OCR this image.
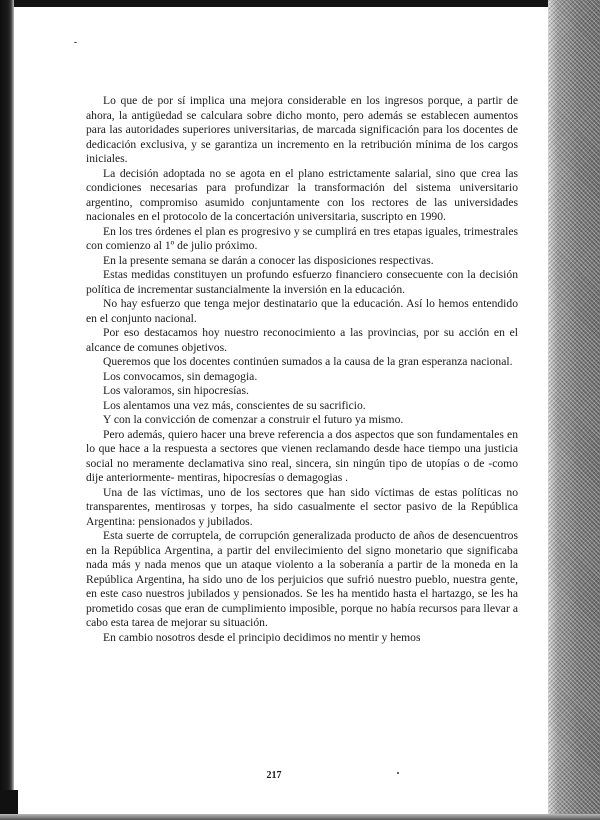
Lo que de por sí implica una mejora considerable en los ingresos porque, a partir de ahora, la antigüedad se calculara sobre dicho monto, pero además se establecen aumentos para las autoridades superiores universitarias, de marcada significación para los docentes de dedicación exclusiva, y se garantiza un incremento en la retribución mínima de los cargos iniciales.

La decisión adoptada no se agota en el plano estrictamente salarial, sino que crea las condiciones necesarias para profundizar la transformación del sistema universitario argentino, compromiso asumido conjuntamente con los rectores de las universidades nacionales en el protocolo de la concertación universitaria, suscripto en 1990.

En los tres órdenes el plan es progresivo y se cumplirá en tres etapas iguales, trimestrales con comienzo al 1º de julio próximo.

En la presente semana se darán a conocer las disposiciones respectivas.

Estas medidas constituyen un profundo esfuerzo financiero consecuente con la decisión política de incrementar sustancialmente la inversión en la educación.

No hay esfuerzo que tenga mejor destinatario que la educación. Así lo hemos entendido en el conjunto nacional.

Por eso destacamos hoy nuestro reconocimiento a las provincias, por su acción en el alcance de comunes objetivos.

Queremos que los docentes continúen sumados a la causa de la gran esperanza nacional.

Los convocamos, sin demagogia.

Los valoramos, sin hipocresías.

Los alentamos una vez más, conscientes de su sacrificio.

Y con la convicción de comenzar a construir el futuro ya mismo.

Pero además, quiero hacer una breve referencia a dos aspectos que son fundamentales en lo que hace a la respuesta a sectores que vienen reclamando desde hace tiempo una justicia social no meramente declamativa sino real, sincera, sin ningún tipo de utopías o de -como dije anteriormente- mentiras, hipocresías o demagogias .

Una de las víctimas, uno de los sectores que han sido víctimas de estas políticas no transparentes, mentirosas y torpes, ha sido casualmente el sector pasivo de la República Argentina: pensionados y jubilados.

Esta suerte de corruptela, de corrupción generalizada producto de años de desencuentros en la República Argentina, a partir del envilecimiento del signo monetario que significaba nada más y nada menos que un ataque violento a la soberanía a partir de la moneda en la República Argentina, ha sido uno de los perjuicios que sufrió nuestro pueblo, nuestra gente, en este caso nuestros jubilados y pensionados. Se les ha mentido hasta el hartazgo, se les ha prometido cosas que eran de cumplimiento imposible, porque no había recursos para llevar a cabo esta tarea de mejorar su situación.

En cambio nosotros desde el principio decidimos no mentir y hemos

217
